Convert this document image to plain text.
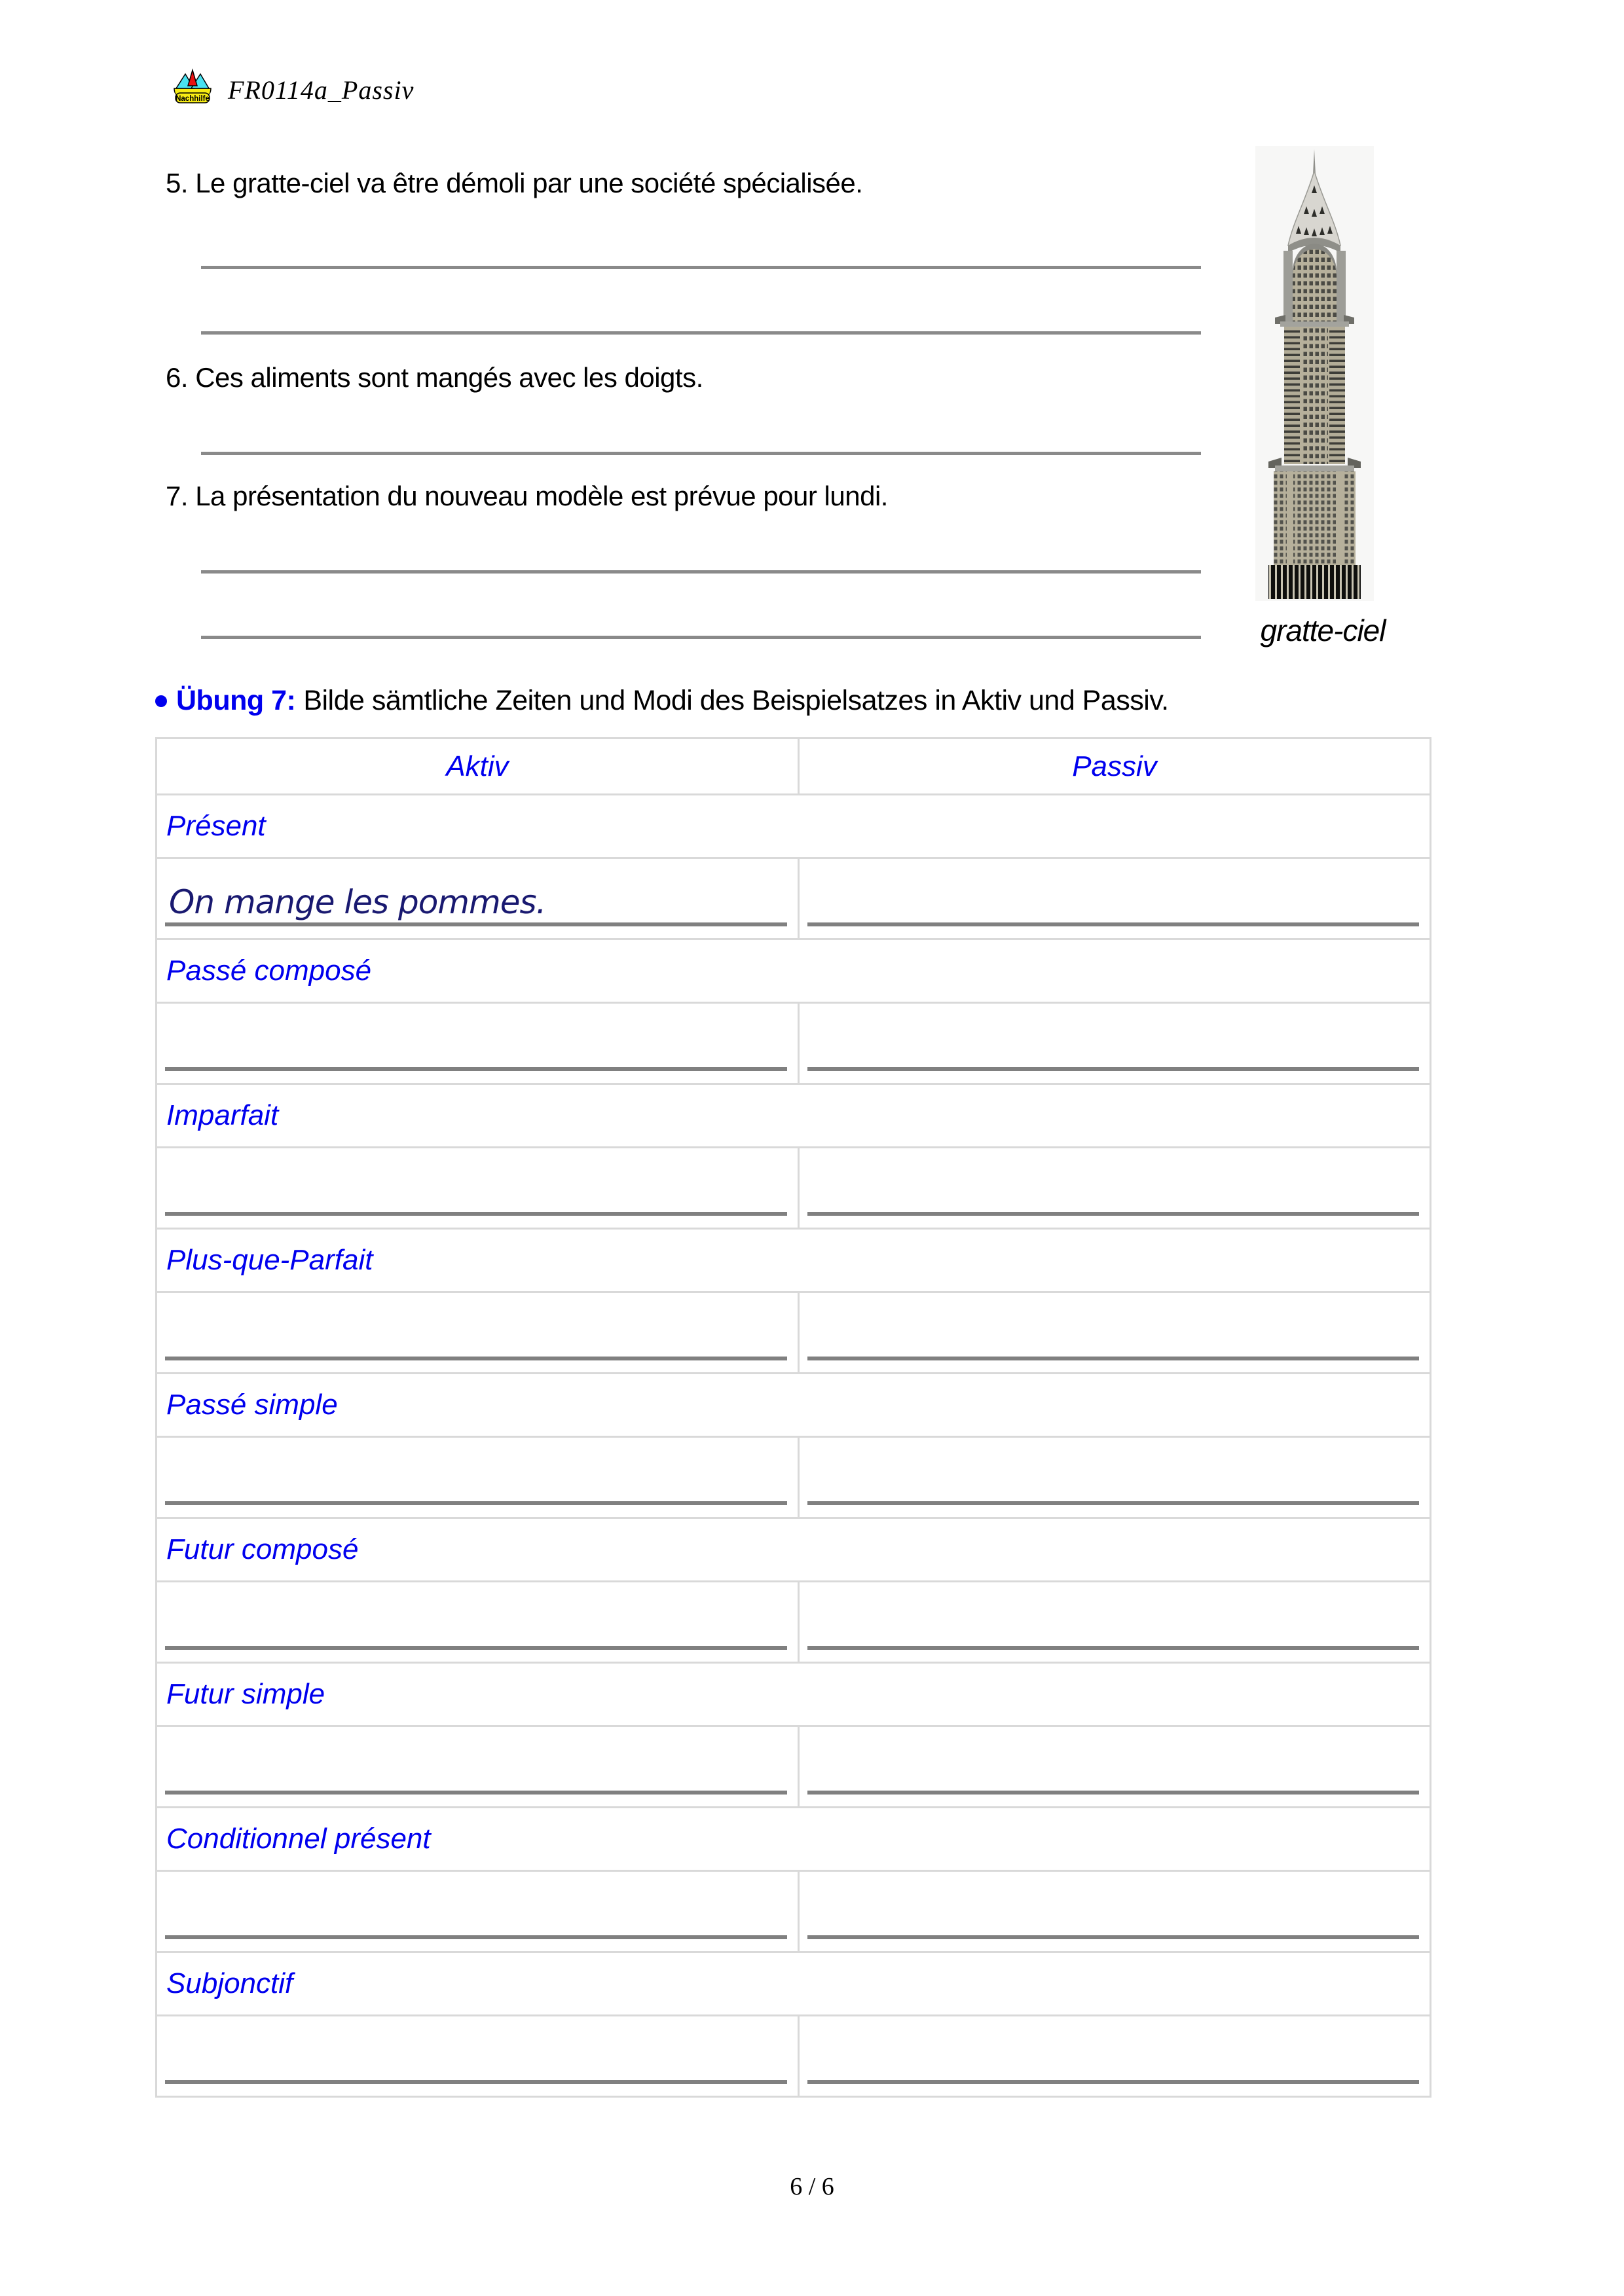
Nachhilfe FR0114a_Passiv
5. Le gratte-ciel va être démoli par une société spécialisée.
6. Ces aliments sont mangés avec les doigts.
7. La présentation du nouveau modèle est prévue pour lundi.
gratte-ciel
Übung 7: Bilde sämtliche Zeiten und Modi des Beispielsatzes in Aktiv und Passiv.
Aktiv	Passiv
Présent	

On mange les pommes.	

Passé composé	

Imparfait	

Plus-que-Parfait	

Passé simple	

Futur composé	

Futur simple	

Conditionnel présent	

Subjonctif	

6 / 6
